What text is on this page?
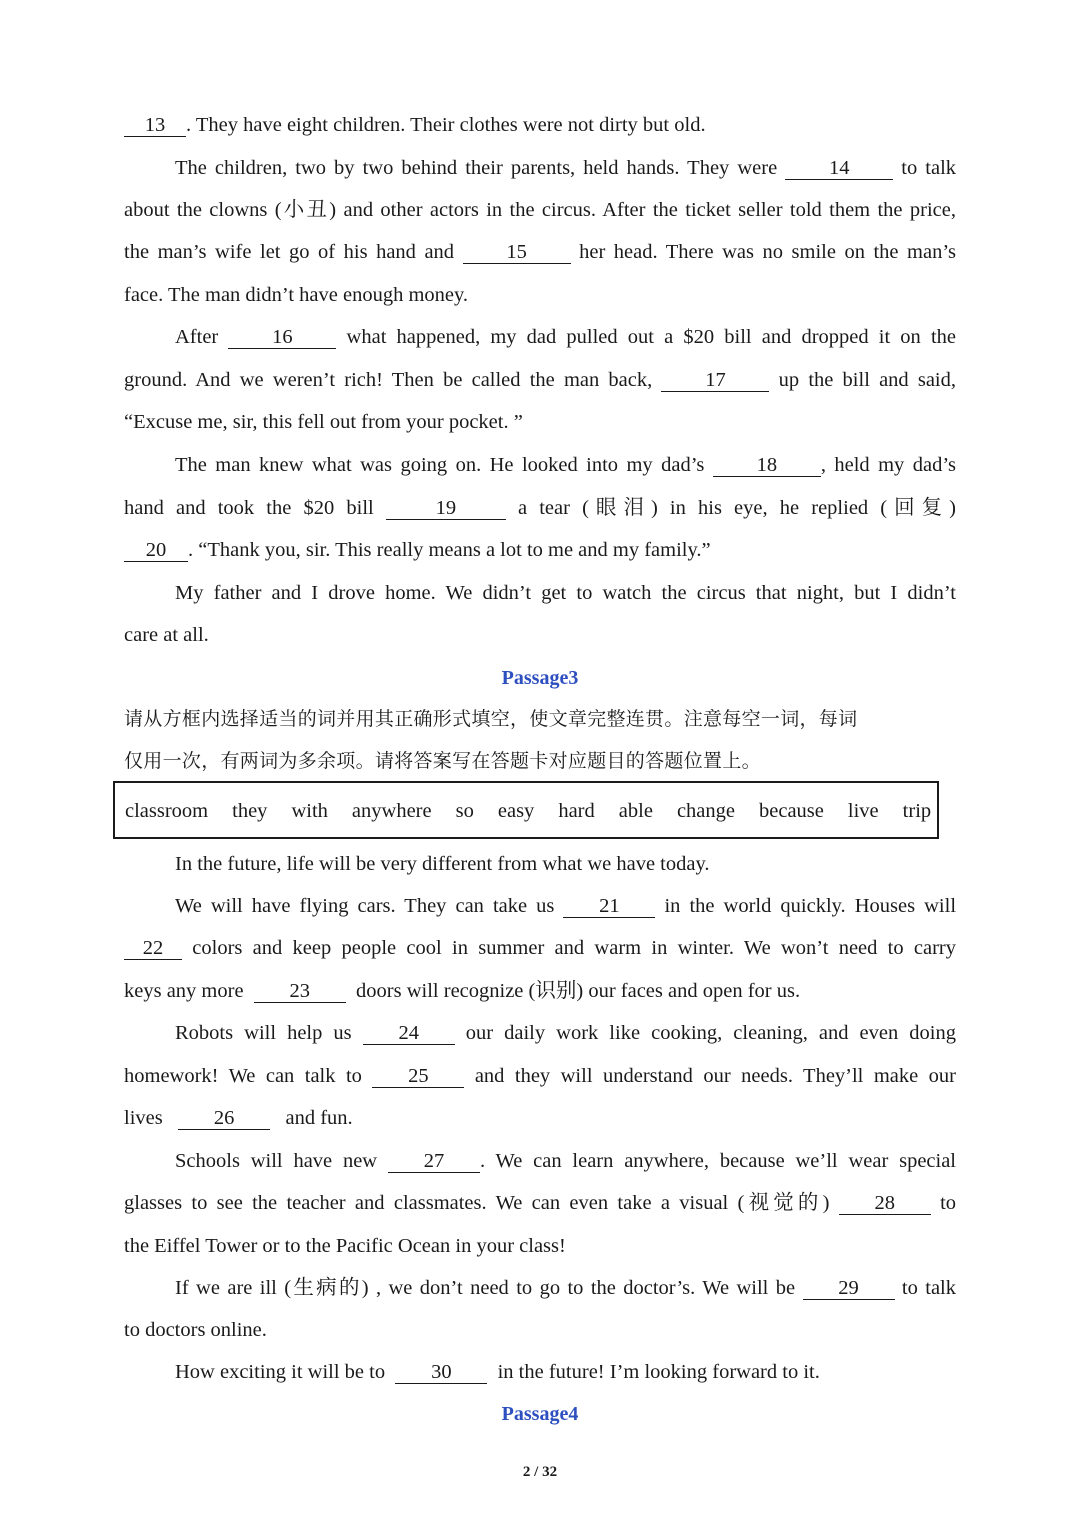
13 . They have eight children. Their clothes were not dirty but old.
The children, two by two behind their parents, held hands. They were	14	to talk
about the clowns (小丑) and other actors in the circus. After the ticket seller told them the price,
the man’s wife let go of his hand and	15	her head. There was no smile on the man’s
face. The man didn’t have enough money.
After	16	what happened, my dad pulled out a $20 bill and dropped it on the
ground. And we weren’t rich! Then be called the man back,	17	up the bill and said,
“Excuse me, sir, this fell out from your pocket. ”
The man knew what was going on. He looked into my dad’s	18 , held my dad’s
hand and took the $20 bill	19	a tear (眼泪) in his eye, he replied (回复)
20 . “Thank you, sir. This really means a lot to me and my family.”
My father and I drove home. We didn’t get to watch the circus that night, but I didn’t
care at all.
Passage3
请从方框内选择适当的词并用其正确形式填空，使文章完整连贯。注意每空一词，每词
仅用一次，有两词为多余项。请将答案写在答题卡对应题目的答题位置上。
classroom they with anywhere so easy hard able change because live trip
In the future, life will be very different from what we have today.
We will have flying cars. They can take us 21 in the world quickly. Houses will
22 colors and keep people cool in summer and warm in winter. We won’t need to carry
keys any more 23 doors will recognize (识别) our faces and open for us.
Robots will help us 24 our daily work like cooking, cleaning, and even doing
homework! We can talk to 25 and they will understand our needs. They’ll make our
lives 26 and fun.
Schools will have new 27 . We can learn anywhere, because we’ll wear special
glasses to see the teacher and classmates. We can even take a visual (视觉的) 28 to
the Eiffel Tower or to the Pacific Ocean in your class!
If we are ill (生病的) , we don’t need to go to the doctor’s. We will be 29 to talk
to doctors online.
How exciting it will be to 30 in the future! I’m looking forward to it.
Passage4
2 / 32
